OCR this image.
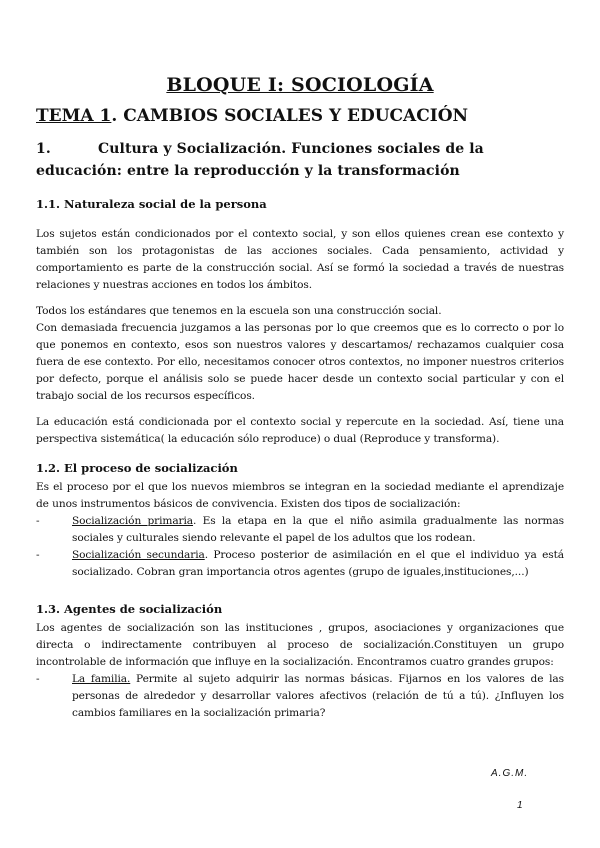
BLOQUE I: SOCIOLOGÍA
TEMA 1. CAMBIOS SOCIALES Y EDUCACIÓN
1.	Cultura y Socialización. Funciones sociales de la educación: entre la reproducción y la transformación
1.1. Naturaleza social de la persona
Los sujetos están condicionados por el contexto social, y son ellos quienes crean ese contexto y también son los protagonistas de las acciones sociales. Cada pensamiento, actividad y comportamiento es parte de la construcción social. Así se formó la sociedad a través de nuestras relaciones y nuestras acciones en todos los ámbitos.

Todos los estándares que tenemos en la escuela son una construcción social.

Con demasiada frecuencia juzgamos a las personas por lo que creemos que es lo correcto o por lo que ponemos en contexto, esos son nuestros valores y descartamos/ rechazamos cualquier cosa fuera de ese contexto. Por ello, necesitamos conocer otros contextos, no imponer nuestros criterios por defecto, porque el análisis solo se puede hacer desde un contexto social particular y con el trabajo social de los recursos específicos.

La educación está condicionada por el contexto social y repercute en la sociedad. Así, tiene una perspectiva sistemática( la educación sólo reproduce) o dual (Reproduce y transforma).
1.2. El proceso de socialización

Es el proceso por el que los nuevos miembros se integran en la sociedad mediante el aprendizaje de unos instrumentos básicos de convivencia. Existen dos tipos de socialización:

-	Socialización primaria. Es la etapa en la que el niño asimila gradualmente las normas sociales y culturales siendo relevante el papel de los adultos que los rodean.
-	Socialización secundaria. Proceso posterior de asimilación en el que el individuo ya está socializado. Cobran gran importancia otros agentes (grupo de iguales,instituciones,...)
1.3. Agentes de socialización

Los agentes de socialización son las instituciones , grupos, asociaciones y organizaciones que directa o indirectamente contribuyen al proceso de socialización.Constituyen un grupo incontrolable de información que influye en la socialización. Encontramos cuatro grandes grupos:

-	La familia. Permite al sujeto adquirir las normas básicas. Fijarnos en los valores de las personas de alrededor y desarrollar valores afectivos (relación de tú a tú). ¿Influyen los cambios familiares en la socialización primaria?
A.G.M.
1
